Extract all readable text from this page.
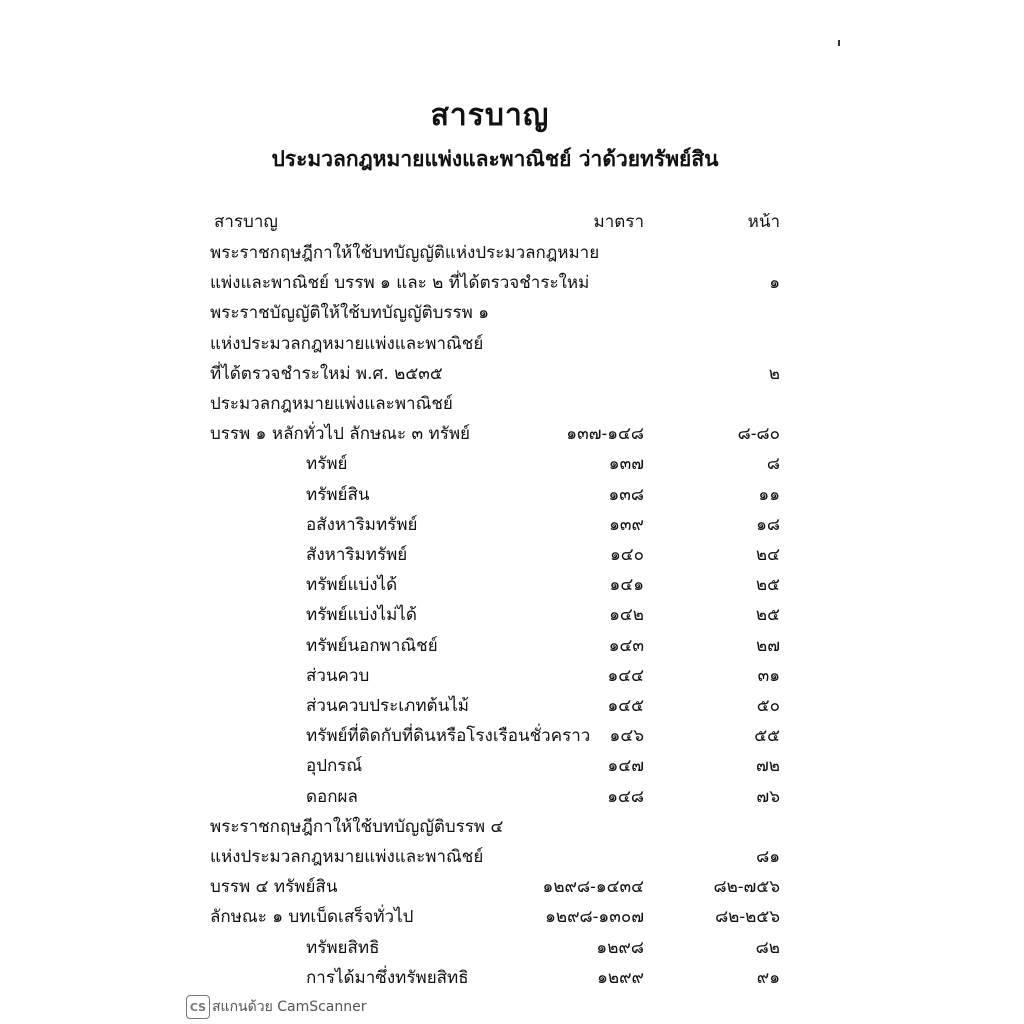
สารบาญ
ประมวลกฎหมายแพ่งและพาณิชย์ ว่าด้วยทรัพย์สิน
สารบาญ	มาตรา	หน้า
พระราชกฤษฎีกาให้ใช้บทบัญญัติแห่งประมวลกฎหมาย
แพ่งและพาณิชย์ บรรพ ๑ และ ๒ ที่ได้ตรวจชำระใหม่	๑
พระราชบัญญัติให้ใช้บทบัญญัติบรรพ ๑
แห่งประมวลกฎหมายแพ่งและพาณิชย์
ที่ได้ตรวจชำระใหม่ พ.ศ. ๒๕๓๕	๒
ประมวลกฎหมายแพ่งและพาณิชย์
บรรพ ๑ หลักทั่วไป ลักษณะ ๓ ทรัพย์	๑๓๗-๑๔๘	๘-๘๐
ทรัพย์	๑๓๗	๘
ทรัพย์สิน	๑๓๘	๑๑
อสังหาริมทรัพย์	๑๓๙	๑๘
สังหาริมทรัพย์	๑๔๐	๒๔
ทรัพย์แบ่งได้	๑๔๑	๒๕
ทรัพย์แบ่งไม่ได้	๑๔๒	๒๕
ทรัพย์นอกพาณิชย์	๑๔๓	๒๗
ส่วนควบ	๑๔๔	๓๑
ส่วนควบประเภทต้นไม้	๑๔๕	๕๐
ทรัพย์ที่ติดกับที่ดินหรือโรงเรือนชั่วคราว	๑๔๖	๕๕
อุปกรณ์	๑๔๗	๗๒
ดอกผล	๑๔๘	๗๖
พระราชกฤษฎีกาให้ใช้บทบัญญัติบรรพ ๔
แห่งประมวลกฎหมายแพ่งและพาณิชย์	๘๑
บรรพ ๔ ทรัพย์สิน	๑๒๙๘-๑๔๓๔	๘๒-๗๕๖
ลักษณะ ๑ บทเบ็ดเสร็จทั่วไป	๑๒๙๘-๑๓๐๗	๘๒-๒๕๖
ทรัพยสิทธิ	๑๒๙๘	๘๒
การได้มาซึ่งทรัพยสิทธิ	๑๒๙๙	๙๑
CS สแกนด้วย CamScanner
